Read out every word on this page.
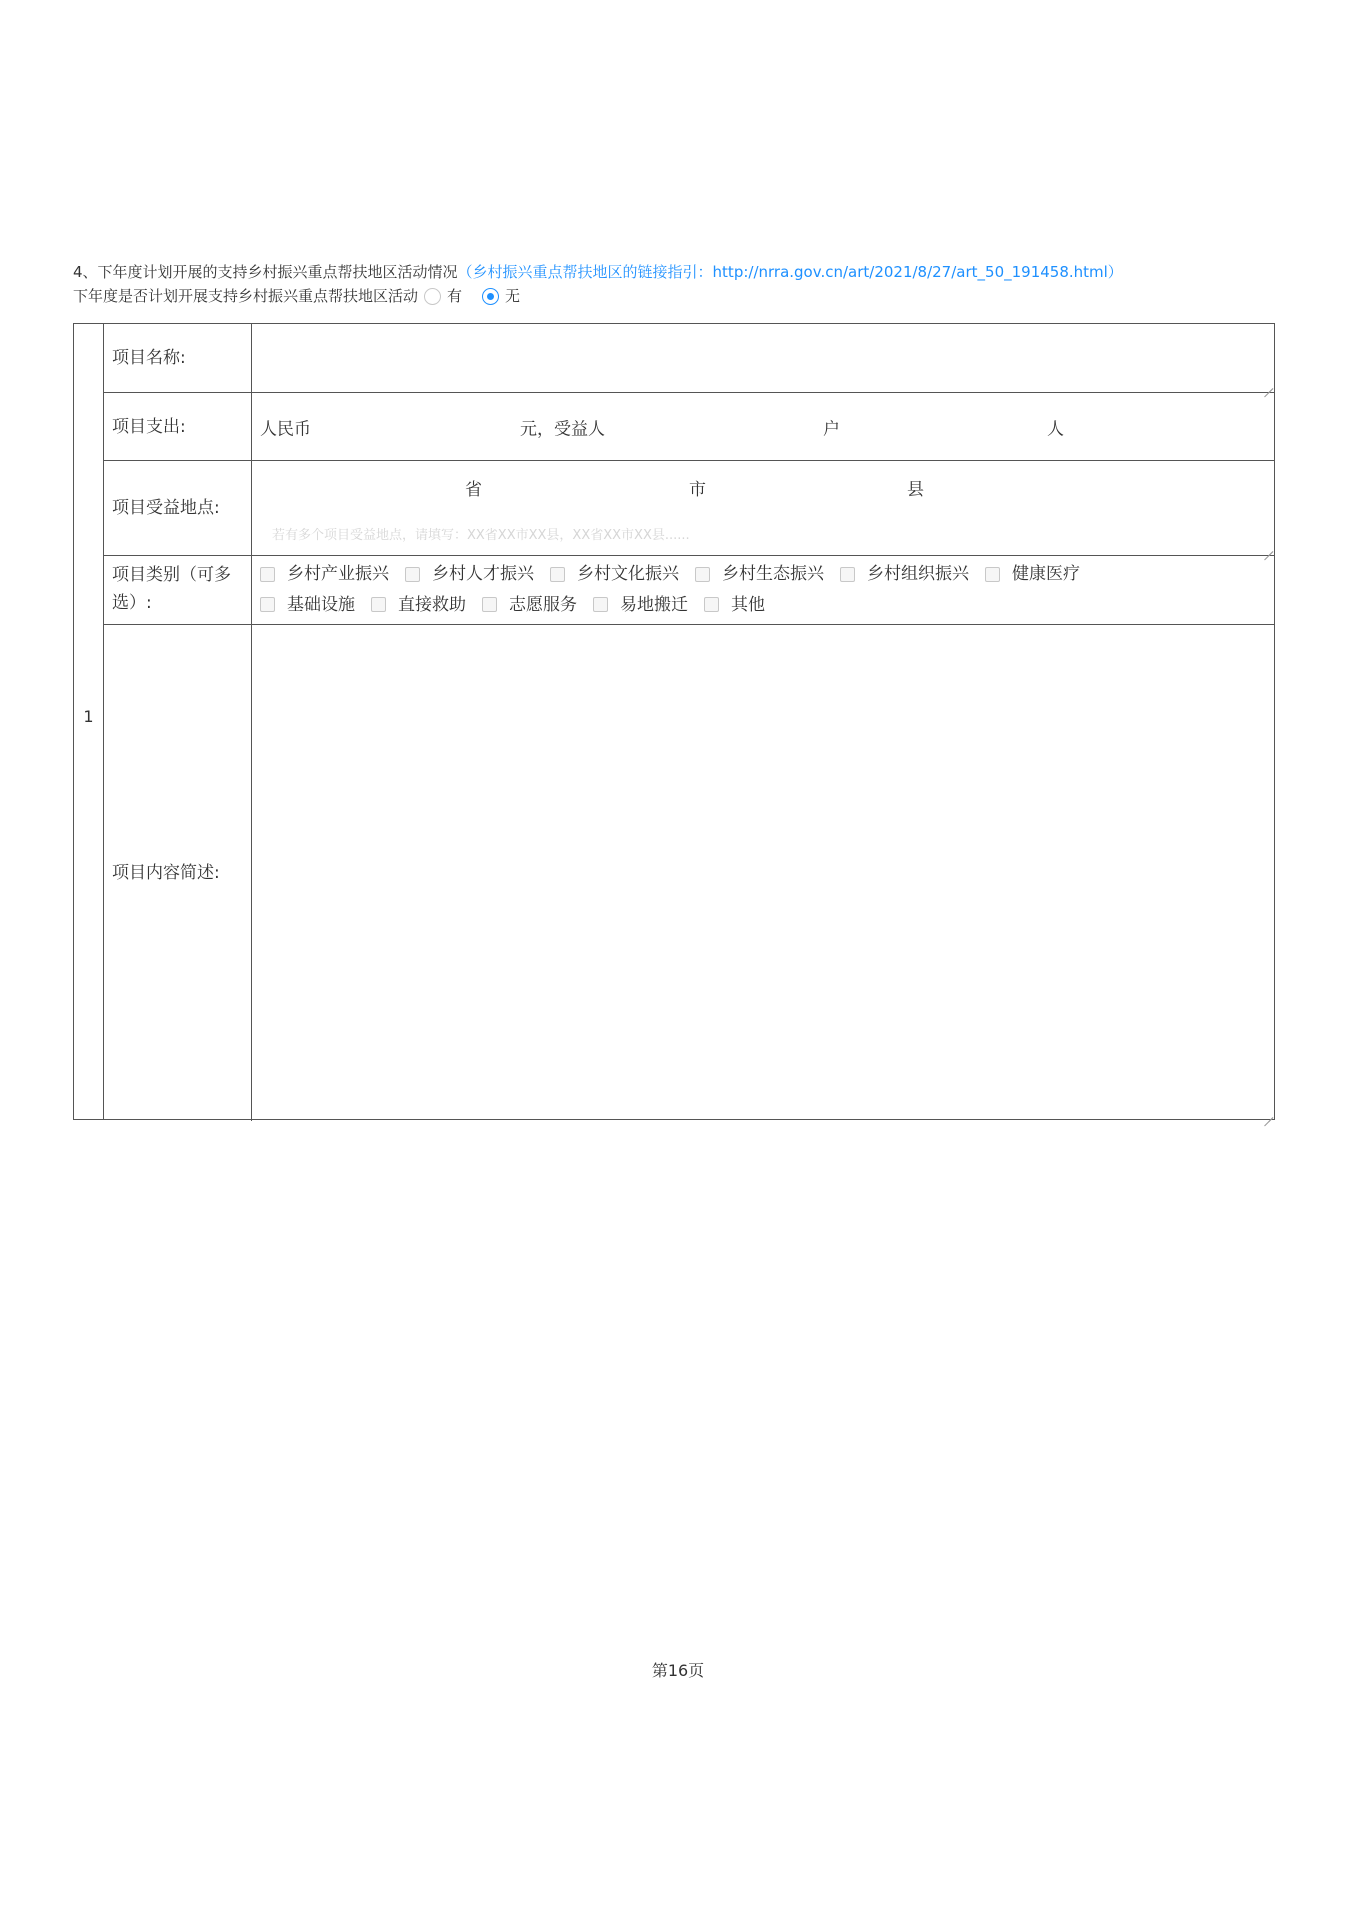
4、下年度计划开展的支持乡村振兴重点帮扶地区活动情况（乡村振兴重点帮扶地区的链接指引：http://nrra.gov.cn/art/2021/8/27/art_50_191458.html）
下年度是否计划开展支持乡村振兴重点帮扶地区活动 有	无
1
项目名称:
项目支出:	人民币	元，受益人	户	人
项目受益地点:
省	市	县
若有多个项目受益地点，请填写：XX省XX市XX县，XX省XX市XX县......
项目类别（可多选）:
乡村产业振兴	乡村人才振兴	乡村文化振兴	乡村生态振兴	乡村组织振兴	健康医疗

基础设施	直接救助	志愿服务	易地搬迁	其他
项目内容简述:
第16页
